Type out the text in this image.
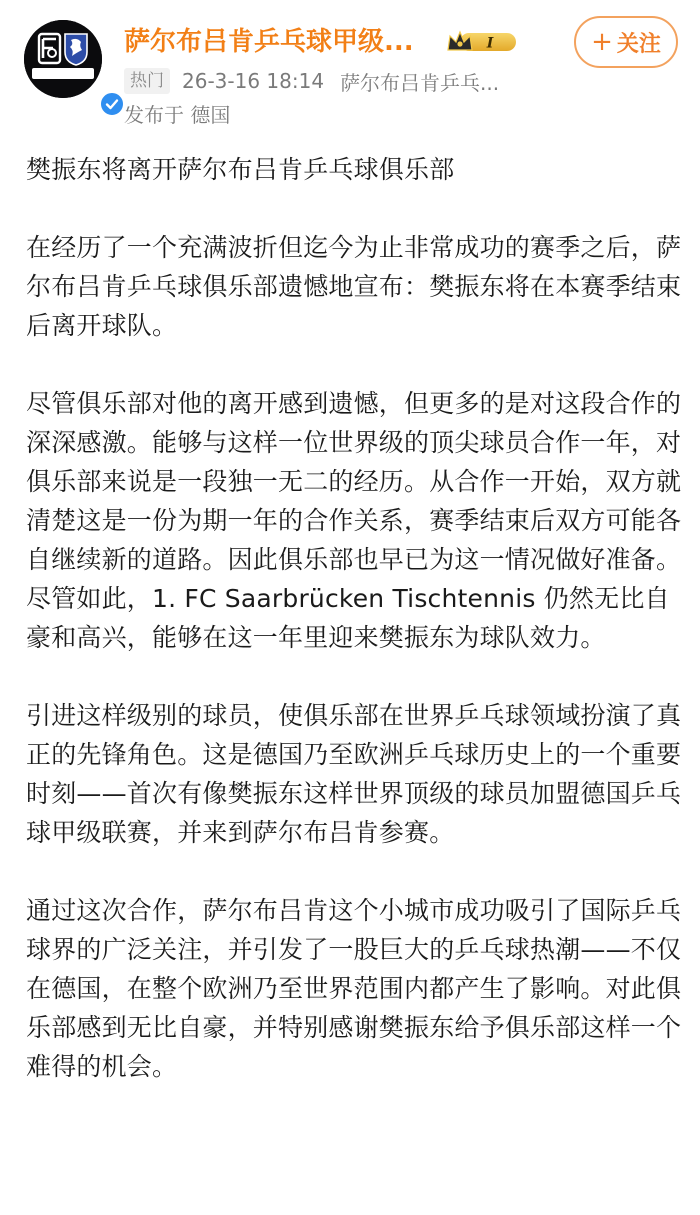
萨尔布吕肯乒乓球甲级...	I	+ 关注
热门 26-3-16 18:14 萨尔布吕肯乒乓...
发布于 德国

樊振东将离开萨尔布吕肯乒乓球俱乐部

在经历了一个充满波折但迄今为止非常成功的赛季之后，萨尔布吕肯乒乓球俱乐部遗憾地宣布：樊振东将在本赛季结束后离开球队。

尽管俱乐部对他的离开感到遗憾，但更多的是对这段合作的深深感激。能够与这样一位世界级的顶尖球员合作一年，对俱乐部来说是一段独一无二的经历。从合作一开始，双方就清楚这是一份为期一年的合作关系，赛季结束后双方可能各自继续新的道路。因此俱乐部也早已为这一情况做好准备。尽管如此，1. FC Saarbrücken Tischtennis 仍然无比自豪和高兴，能够在这一年里迎来樊振东为球队效力。

引进这样级别的球员，使俱乐部在世界乒乓球领域扮演了真正的先锋角色。这是德国乃至欧洲乒乓球历史上的一个重要时刻——首次有像樊振东这样世界顶级的球员加盟德国乒乓球甲级联赛，并来到萨尔布吕肯参赛。

通过这次合作，萨尔布吕肯这个小城市成功吸引了国际乒乓球界的广泛关注，并引发了一股巨大的乒乓球热潮——不仅在德国，在整个欧洲乃至世界范围内都产生了影响。对此俱乐部感到无比自豪，并特别感谢樊振东给予俱乐部这样一个难得的机会。
